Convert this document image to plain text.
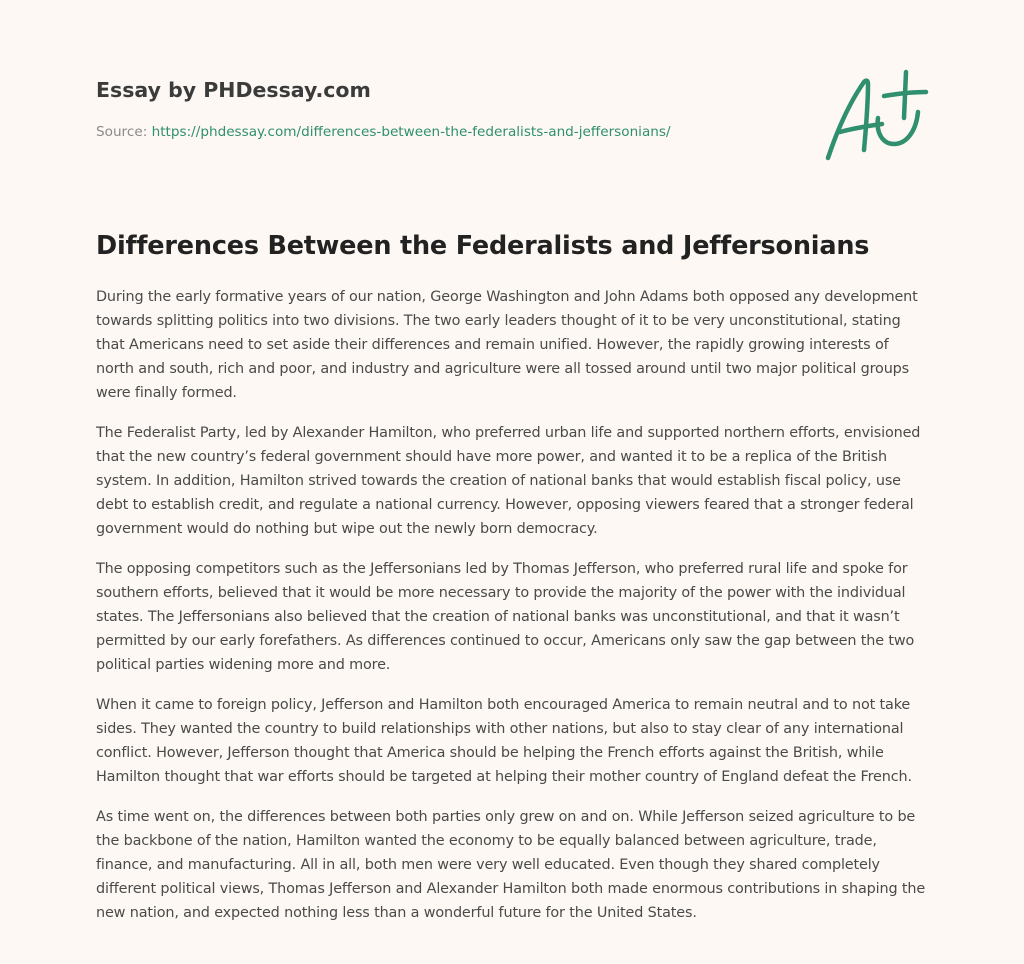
Essay by PHDessay.com
Source: https://phdessay.com/differences-between-the-federalists-and-jeffersonians/
Differences Between the Federalists and Jeffersonians

During the early formative years of our nation, George Washington and John Adams both opposed any development towards splitting politics into two divisions. The two early leaders thought of it to be very unconstitutional, stating that Americans need to set aside their differences and remain unified. However, the rapidly growing interests of north and south, rich and poor, and industry and agriculture were all tossed around until two major political groups were finally formed.

The Federalist Party, led by Alexander Hamilton, who preferred urban life and supported northern efforts, envisioned that the new country’s federal government should have more power, and wanted it to be a replica of the British system. In addition, Hamilton strived towards the creation of national banks that would establish fiscal policy, use debt to establish credit, and regulate a national currency. However, opposing viewers feared that a stronger federal government would do nothing but wipe out the newly born democracy.

The opposing competitors such as the Jeffersonians led by Thomas Jefferson, who preferred rural life and spoke for southern efforts, believed that it would be more necessary to provide the majority of the power with the individual states. The Jeffersonians also believed that the creation of national banks was unconstitutional, and that it wasn’t permitted by our early forefathers. As differences continued to occur, Americans only saw the gap between the two political parties widening more and more.

When it came to foreign policy, Jefferson and Hamilton both encouraged America to remain neutral and to not take sides. They wanted the country to build relationships with other nations, but also to stay clear of any international conflict. However, Jefferson thought that America should be helping the French efforts against the British, while Hamilton thought that war efforts should be targeted at helping their mother country of England defeat the French.

As time went on, the differences between both parties only grew on and on. While Jefferson seized agriculture to be the backbone of the nation, Hamilton wanted the economy to be equally balanced between agriculture, trade, finance, and manufacturing. All in all, both men were very well educated. Even though they shared completely different political views, Thomas Jefferson and Alexander Hamilton both made enormous contributions in shaping the new nation, and expected nothing less than a wonderful future for the United States.
